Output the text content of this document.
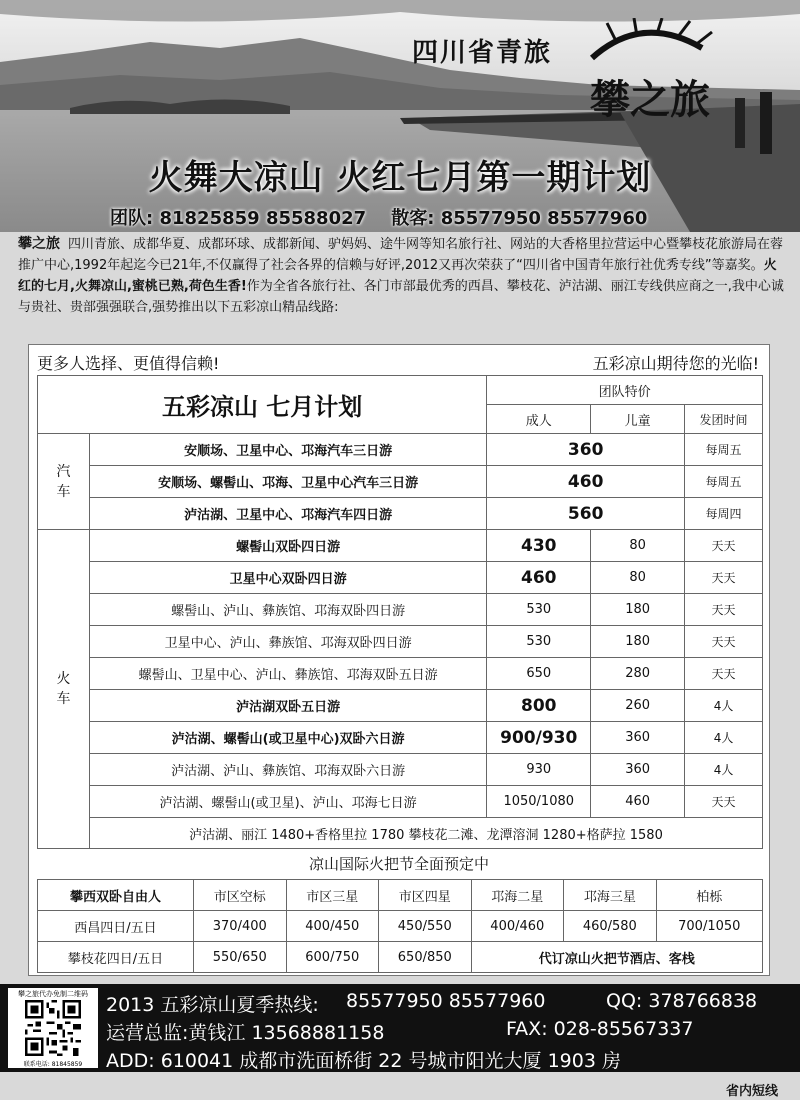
四川省青旅
攀之旅
火舞大凉山 火红七月第一期计划
团队: 81825859 85588027 散客: 85577950 85577960
攀之旅 四川青旅、成都华夏、成都环球、成都新闻、驴妈妈、途牛网等知名旅行社、网站的大香格里拉营运中心暨攀枝花旅游局在蓉推广中心,1992年起迄今已21年,不仅赢得了社会各界的信赖与好评,2012又再次荣获了“四川省中国青年旅行社优秀专线”等嘉奖。火红的七月,火舞凉山,蜜桃已熟,荷色生香!作为全省各旅行社、各门市部最优秀的西昌、攀枝花、泸沽湖、丽江专线供应商之一,我中心诚与贵社、贵部强强联合,强势推出以下五彩凉山精品线路:
更多人选择、更值得信赖!	五彩凉山期待您的光临!
五彩凉山 七月计划		团队特价		
		成人	儿童	发团时间
汽车	安顺场、卫星中心、邛海汽车三日游	360		每周五
	安顺场、螺髻山、邛海、卫星中心汽车三日游	460		每周五
	泸沽湖、卫星中心、邛海汽车四日游	560		每周四
火车	螺髻山双卧四日游	430	80	天天
	卫星中心双卧四日游	460	80	天天
	螺髻山、泸山、彝族馆、邛海双卧四日游	530	180	天天
	卫星中心、泸山、彝族馆、邛海双卧四日游	530	180	天天
	螺髻山、卫星中心、泸山、彝族馆、邛海双卧五日游	650	280	天天
	泸沽湖双卧五日游	800	260	4人
	泸沽湖、螺髻山(或卫星中心)双卧六日游	900/930	360	4人
	泸沽湖、泸山、彝族馆、邛海双卧六日游	930	360	4人
	泸沽湖、螺髻山(或卫星)、泸山、邛海七日游	1050/1080	460	天天
	泸沽湖、丽江 1480+香格里拉 1780 攀枝花二滩、龙潭溶洞 1280+格萨拉 1580			
凉山国际火把节全面预定中
攀西双卧自由人	市区空标	市区三星	市区四星	邛海二星	邛海三星	柏栎
西昌四日/五日	370/400	400/450	450/550	400/460	460/580	700/1050
攀枝花四日/五日	550/650	600/750	650/850	代订凉山火把节酒店、客栈		
攀之旅代办免制二维码
联系电话: 81845859
2013 五彩凉山夏季热线: 85577950 85577960	QQ: 378766838
运营总监:黄钱江 13568881158	FAX: 028-85567337
ADD: 610041 成都市洗面桥街 22 号城市阳光大厦 1903 房
省内短线
